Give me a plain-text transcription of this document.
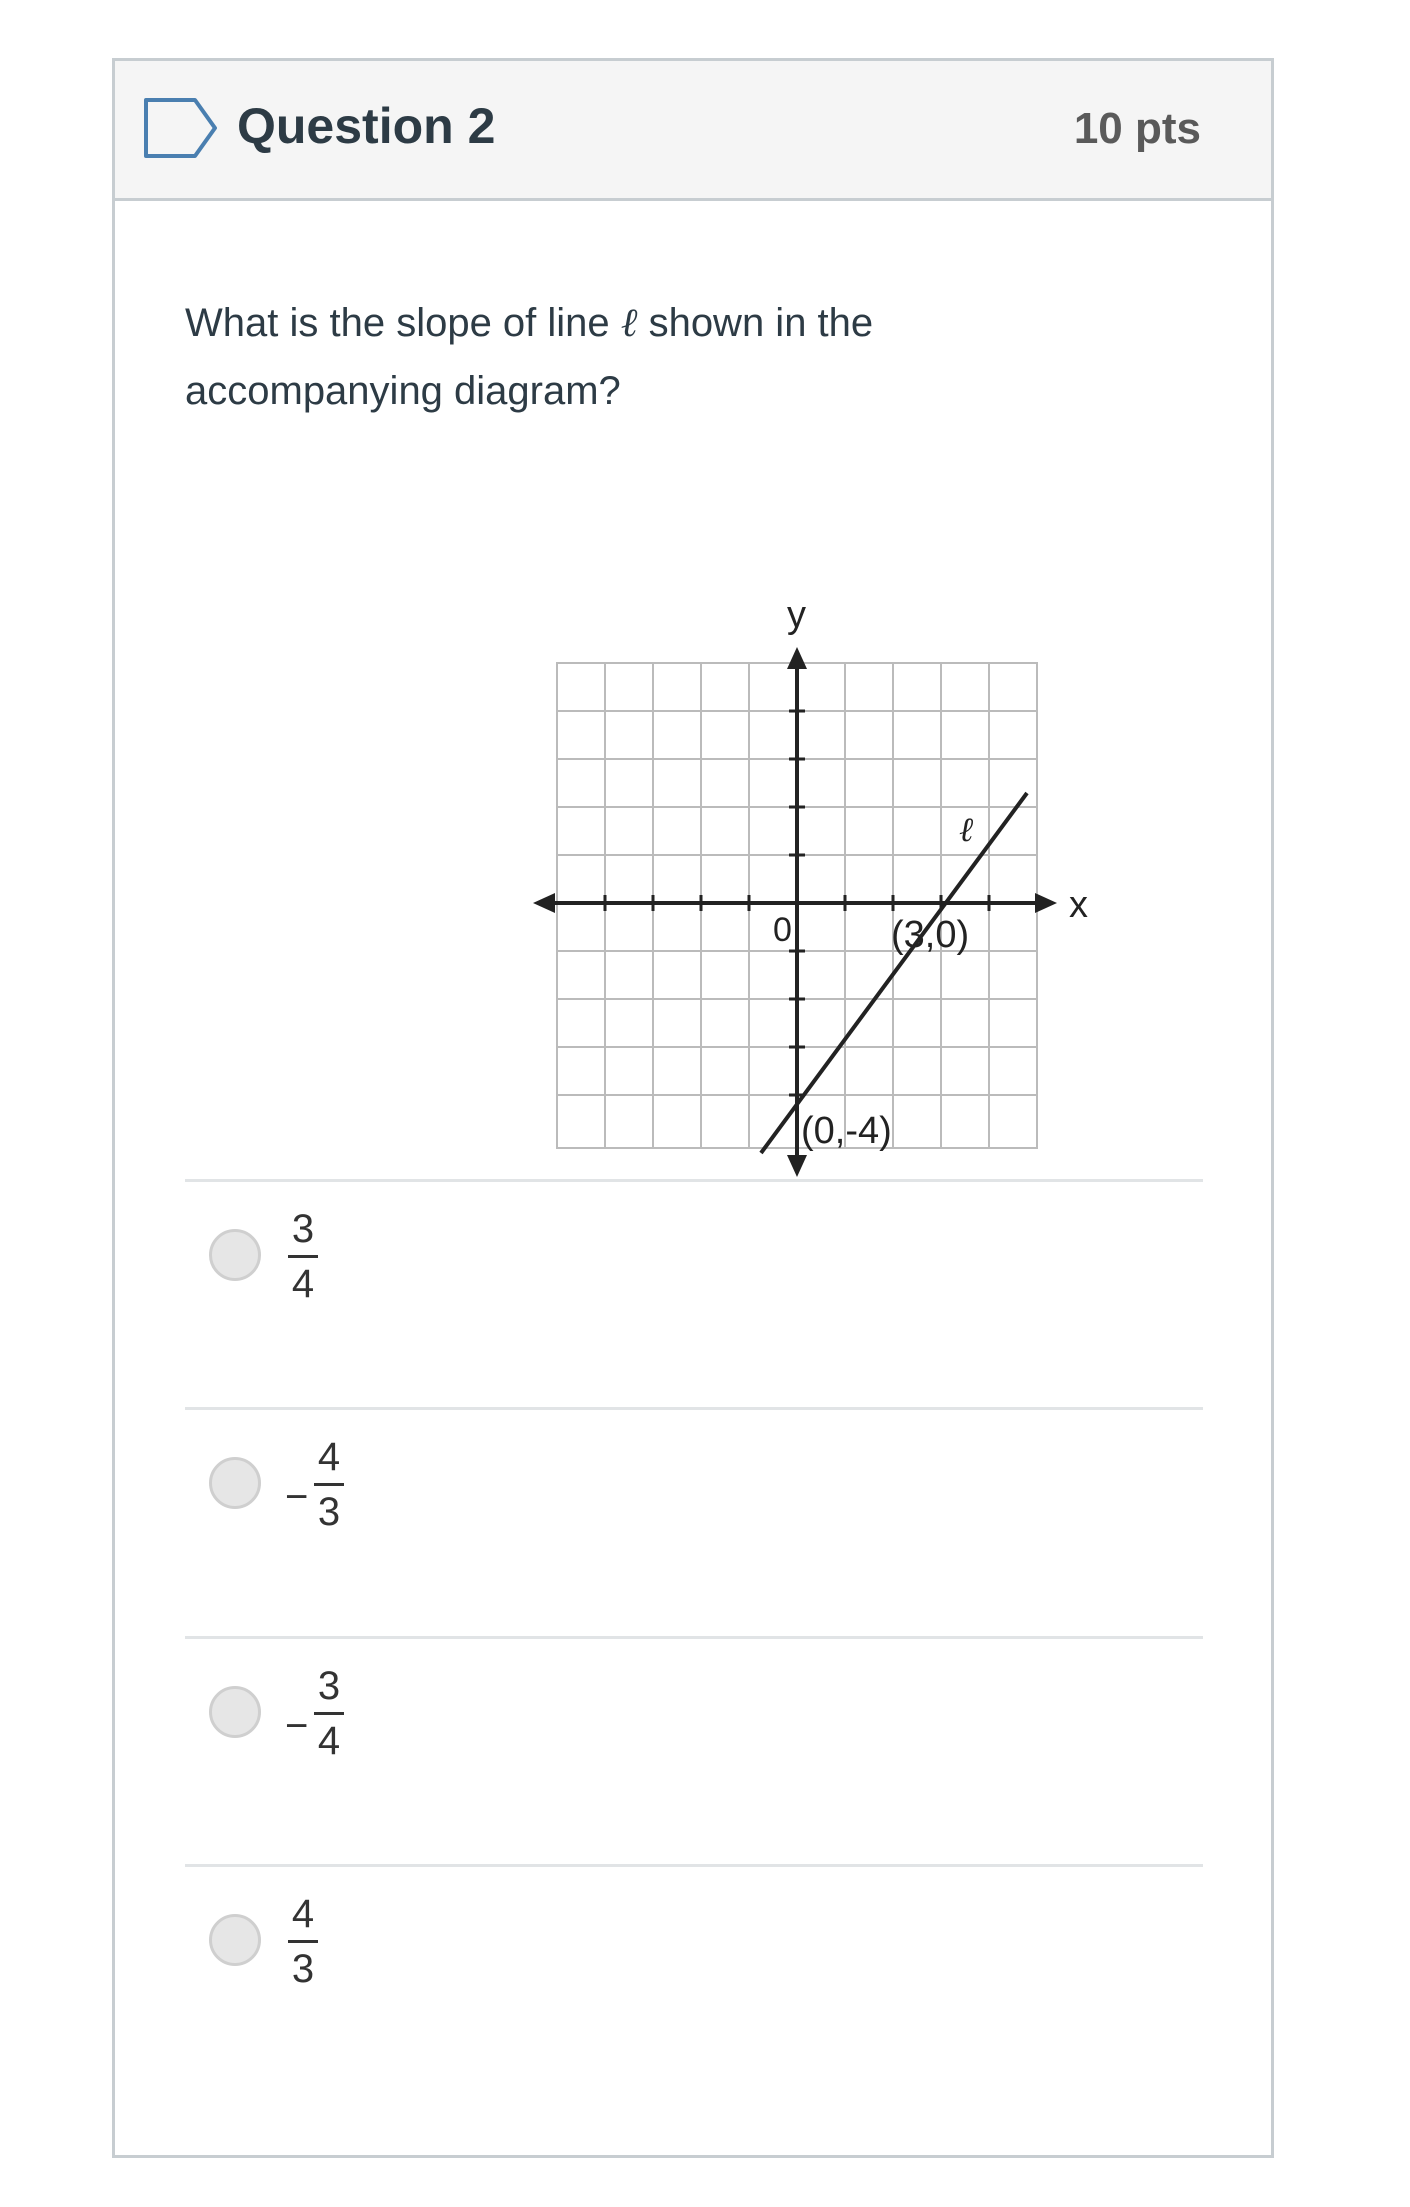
Question 2	10 pts
What is the slope of line ℓ shown in the accompanying diagram?
y
x
0	(3,0)
(0,-4)
ℓ
3
4
−
4
3
−
3
4
4
3
